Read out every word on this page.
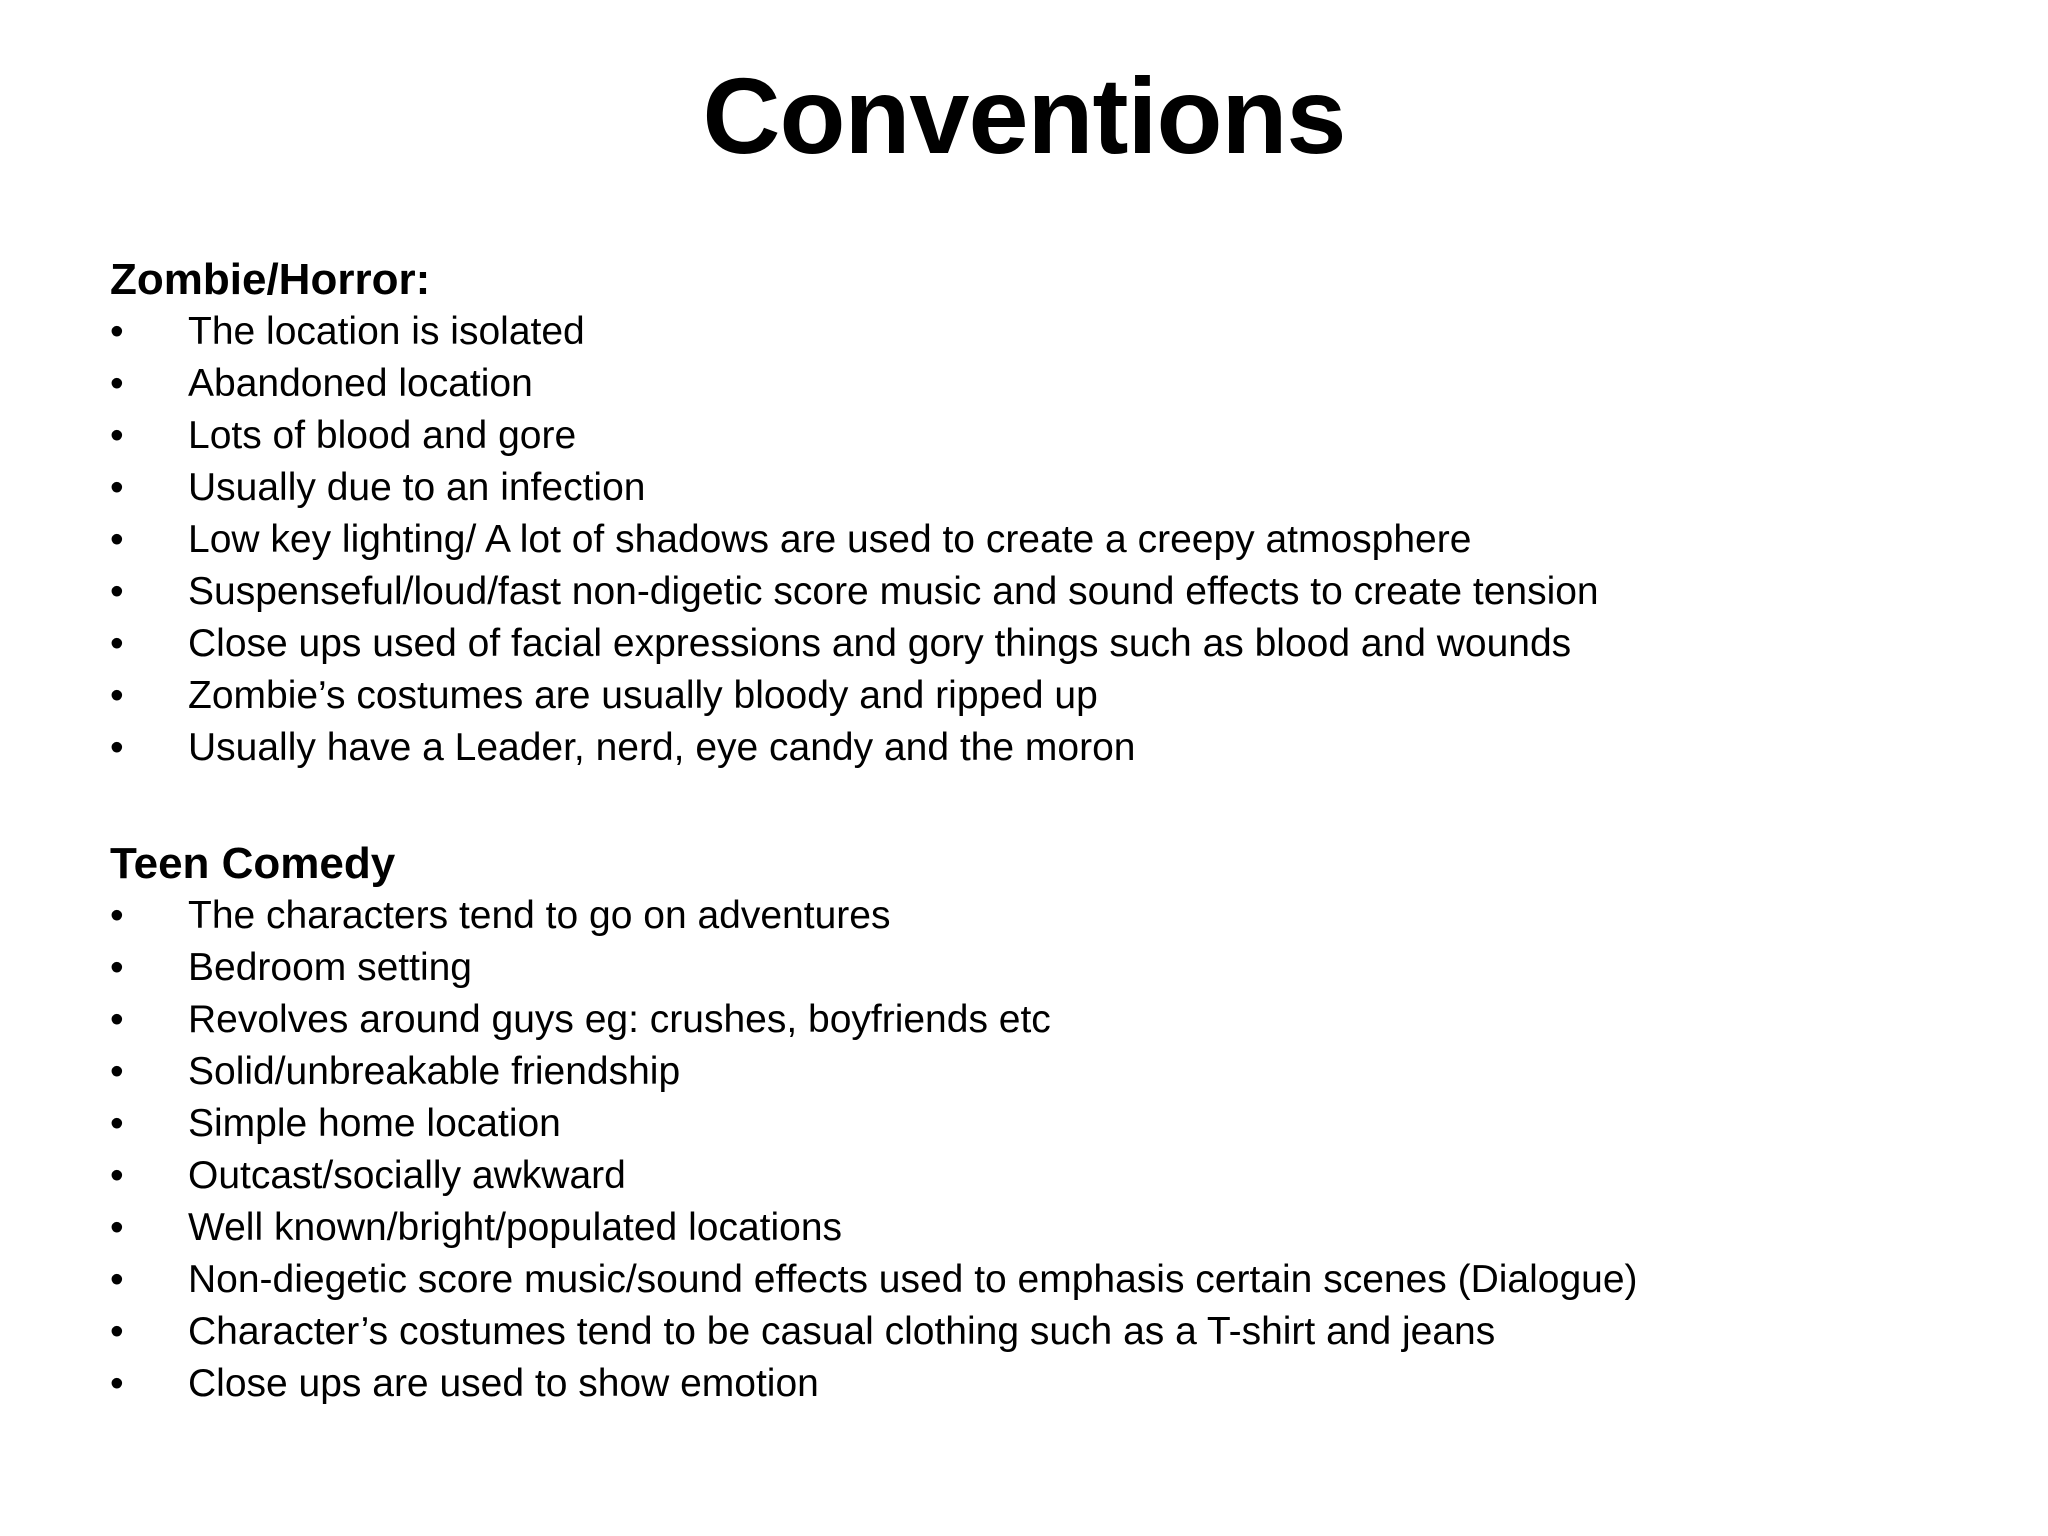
Conventions
Zombie/Horror:
•	The location is isolated
•	Abandoned location
•	Lots of blood and gore
•	Usually due to an infection
•	Low key lighting/ A lot of shadows are used to create a creepy atmosphere
•	Suspenseful/loud/fast non-digetic score music and sound effects to create tension
•	Close ups used of facial expressions and gory things such as blood and wounds
•	Zombie’s costumes are usually bloody and ripped up
•	Usually have a Leader, nerd, eye candy and the moron
Teen Comedy
•	The characters tend to go on adventures
•	Bedroom setting
•	Revolves around guys eg: crushes, boyfriends etc
•	Solid/unbreakable friendship
•	Simple home location
•	Outcast/socially awkward
•	Well known/bright/populated locations
•	Non-diegetic score music/sound effects used to emphasis certain scenes (Dialogue)
•	Character’s costumes tend to be casual clothing such as a T-shirt and jeans
•	Close ups are used to show emotion
